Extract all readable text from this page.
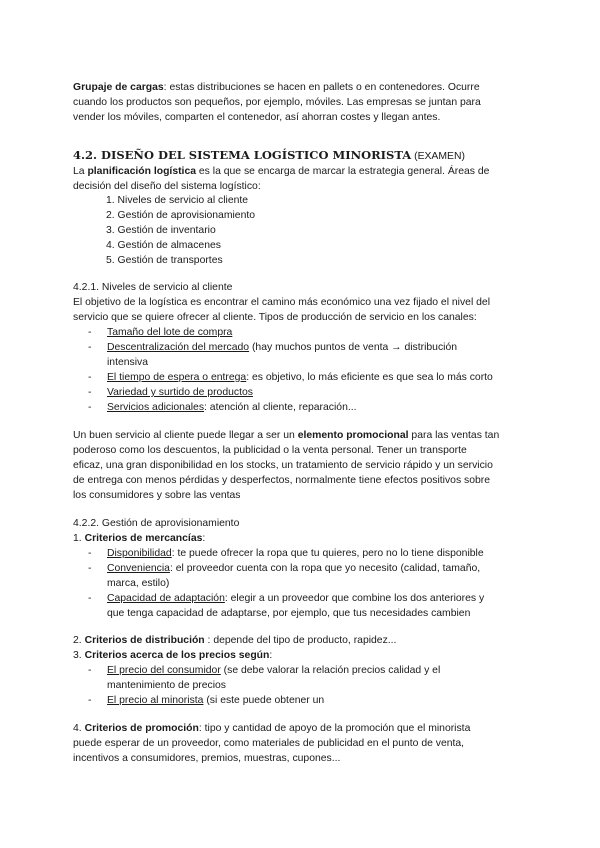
Grupaje de cargas: estas distribuciones se hacen en pallets o en contenedores. Ocurre
cuando los productos son pequeños, por ejemplo, móviles. Las empresas se juntan para
vender los móviles, comparten el contenedor, así ahorran costes y llegan antes.

4.2. DISEÑO DEL SISTEMA LOGÍSTICO MINORISTA (EXAMEN)

La planificación logística es la que se encarga de marcar la estrategia general. Áreas de
decisión del diseño del sistema logístico:

1. Niveles de servicio al cliente
2. Gestión de aprovisionamiento
3. Gestión de inventario
4. Gestión de almacenes
5. Gestión de transportes
4.2.1. Niveles de servicio al cliente

El objetivo de la logística es encontrar el camino más económico una vez fijado el nivel del
servicio que se quiere ofrecer al cliente. Tipos de producción de servicio en los canales:

-	Tamaño del lote de compra
-	Descentralización del mercado (hay muchos puntos de venta → distribución
intensiva
-	El tiempo de espera o entrega: es objetivo, lo más eficiente es que sea lo más corto
-	Variedad y surtido de productos
-	Servicios adicionales: atención al cliente, reparación...

Un buen servicio al cliente puede llegar a ser un elemento promocional para las ventas tan
poderoso como los descuentos, la publicidad o la venta personal. Tener un transporte
eficaz, una gran disponibilidad en los stocks, un tratamiento de servicio rápido y un servicio
de entrega con menos pérdidas y desperfectos, normalmente tiene efectos positivos sobre
los consumidores y sobre las ventas

4.2.2. Gestión de aprovisionamiento
1. Criterios de mercancías:
-	Disponibilidad: te puede ofrecer la ropa que tu quieres, pero no lo tiene disponible
-	Conveniencia: el proveedor cuenta con la ropa que yo necesito (calidad, tamaño,
marca, estilo)
-	Capacidad de adaptación: elegir a un proveedor que combine los dos anteriores y
que tenga capacidad de adaptarse, por ejemplo, que tus necesidades cambien
2. Criterios de distribución : depende del tipo de producto, rapidez...
3. Criterios acerca de los precios según:
-	El precio del consumidor (se debe valorar la relación precios calidad y el
mantenimiento de precios
-	El precio al minorista (si este puede obtener un

4. Criterios de promoción: tipo y cantidad de apoyo de la promoción que el minorista
puede esperar de un proveedor, como materiales de publicidad en el punto de venta,
incentivos a consumidores, premios, muestras, cupones...
